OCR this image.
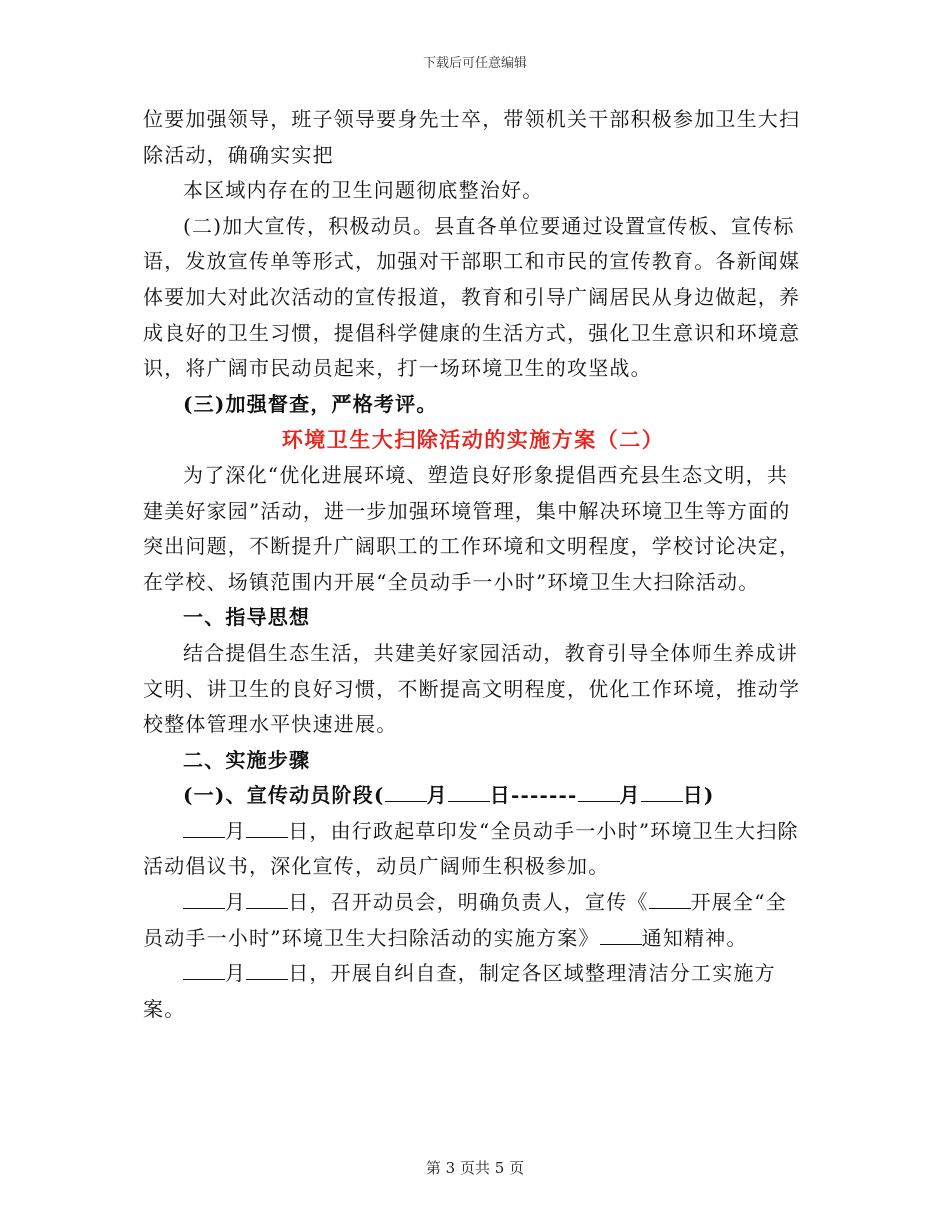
下载后可任意编辑

位要加强领导，班子领导要身先士卒，带领机关干部积极参加卫生大扫除活动，确确实实把

本区域内存在的卫生问题彻底整治好。

(二)加大宣传，积极动员。县直各单位要通过设置宣传板、宣传标语，发放宣传单等形式，加强对干部职工和市民的宣传教育。各新闻媒体要加大对此次活动的宣传报道，教育和引导广阔居民从身边做起，养成良好的卫生习惯，提倡科学健康的生活方式，强化卫生意识和环境意识，将广阔市民动员起来，打一场环境卫生的攻坚战。

(三)加强督查，严格考评。

环境卫生大扫除活动的实施方案（二）

为了深化“优化进展环境、塑造良好形象提倡西充县生态文明，共建美好家园”活动，进一步加强环境管理，集中解决环境卫生等方面的突出问题，不断提升广阔职工的工作环境和文明程度，学校讨论决定，在学校、场镇范围内开展“全员动手一小时”环境卫生大扫除活动。

一、指导思想

结合提倡生态生活，共建美好家园活动，教育引导全体师生养成讲文明、讲卫生的良好习惯，不断提高文明程度，优化工作环境，推动学校整体管理水平快速进展。

二、实施步骤

(一)、宣传动员阶段( 月 日------- 月 日)

月 日，由行政起草印发“全员动手一小时”环境卫生大扫除活动倡议书，深化宣传，动员广阔师生积极参加。

月 日，召开动员会，明确负责人，宣传《 开展全“全员动手一小时”环境卫生大扫除活动的实施方案》 通知精神。

月 日，开展自纠自查，制定各区域整理清洁分工实施方案。

第 3 页共 5 页
